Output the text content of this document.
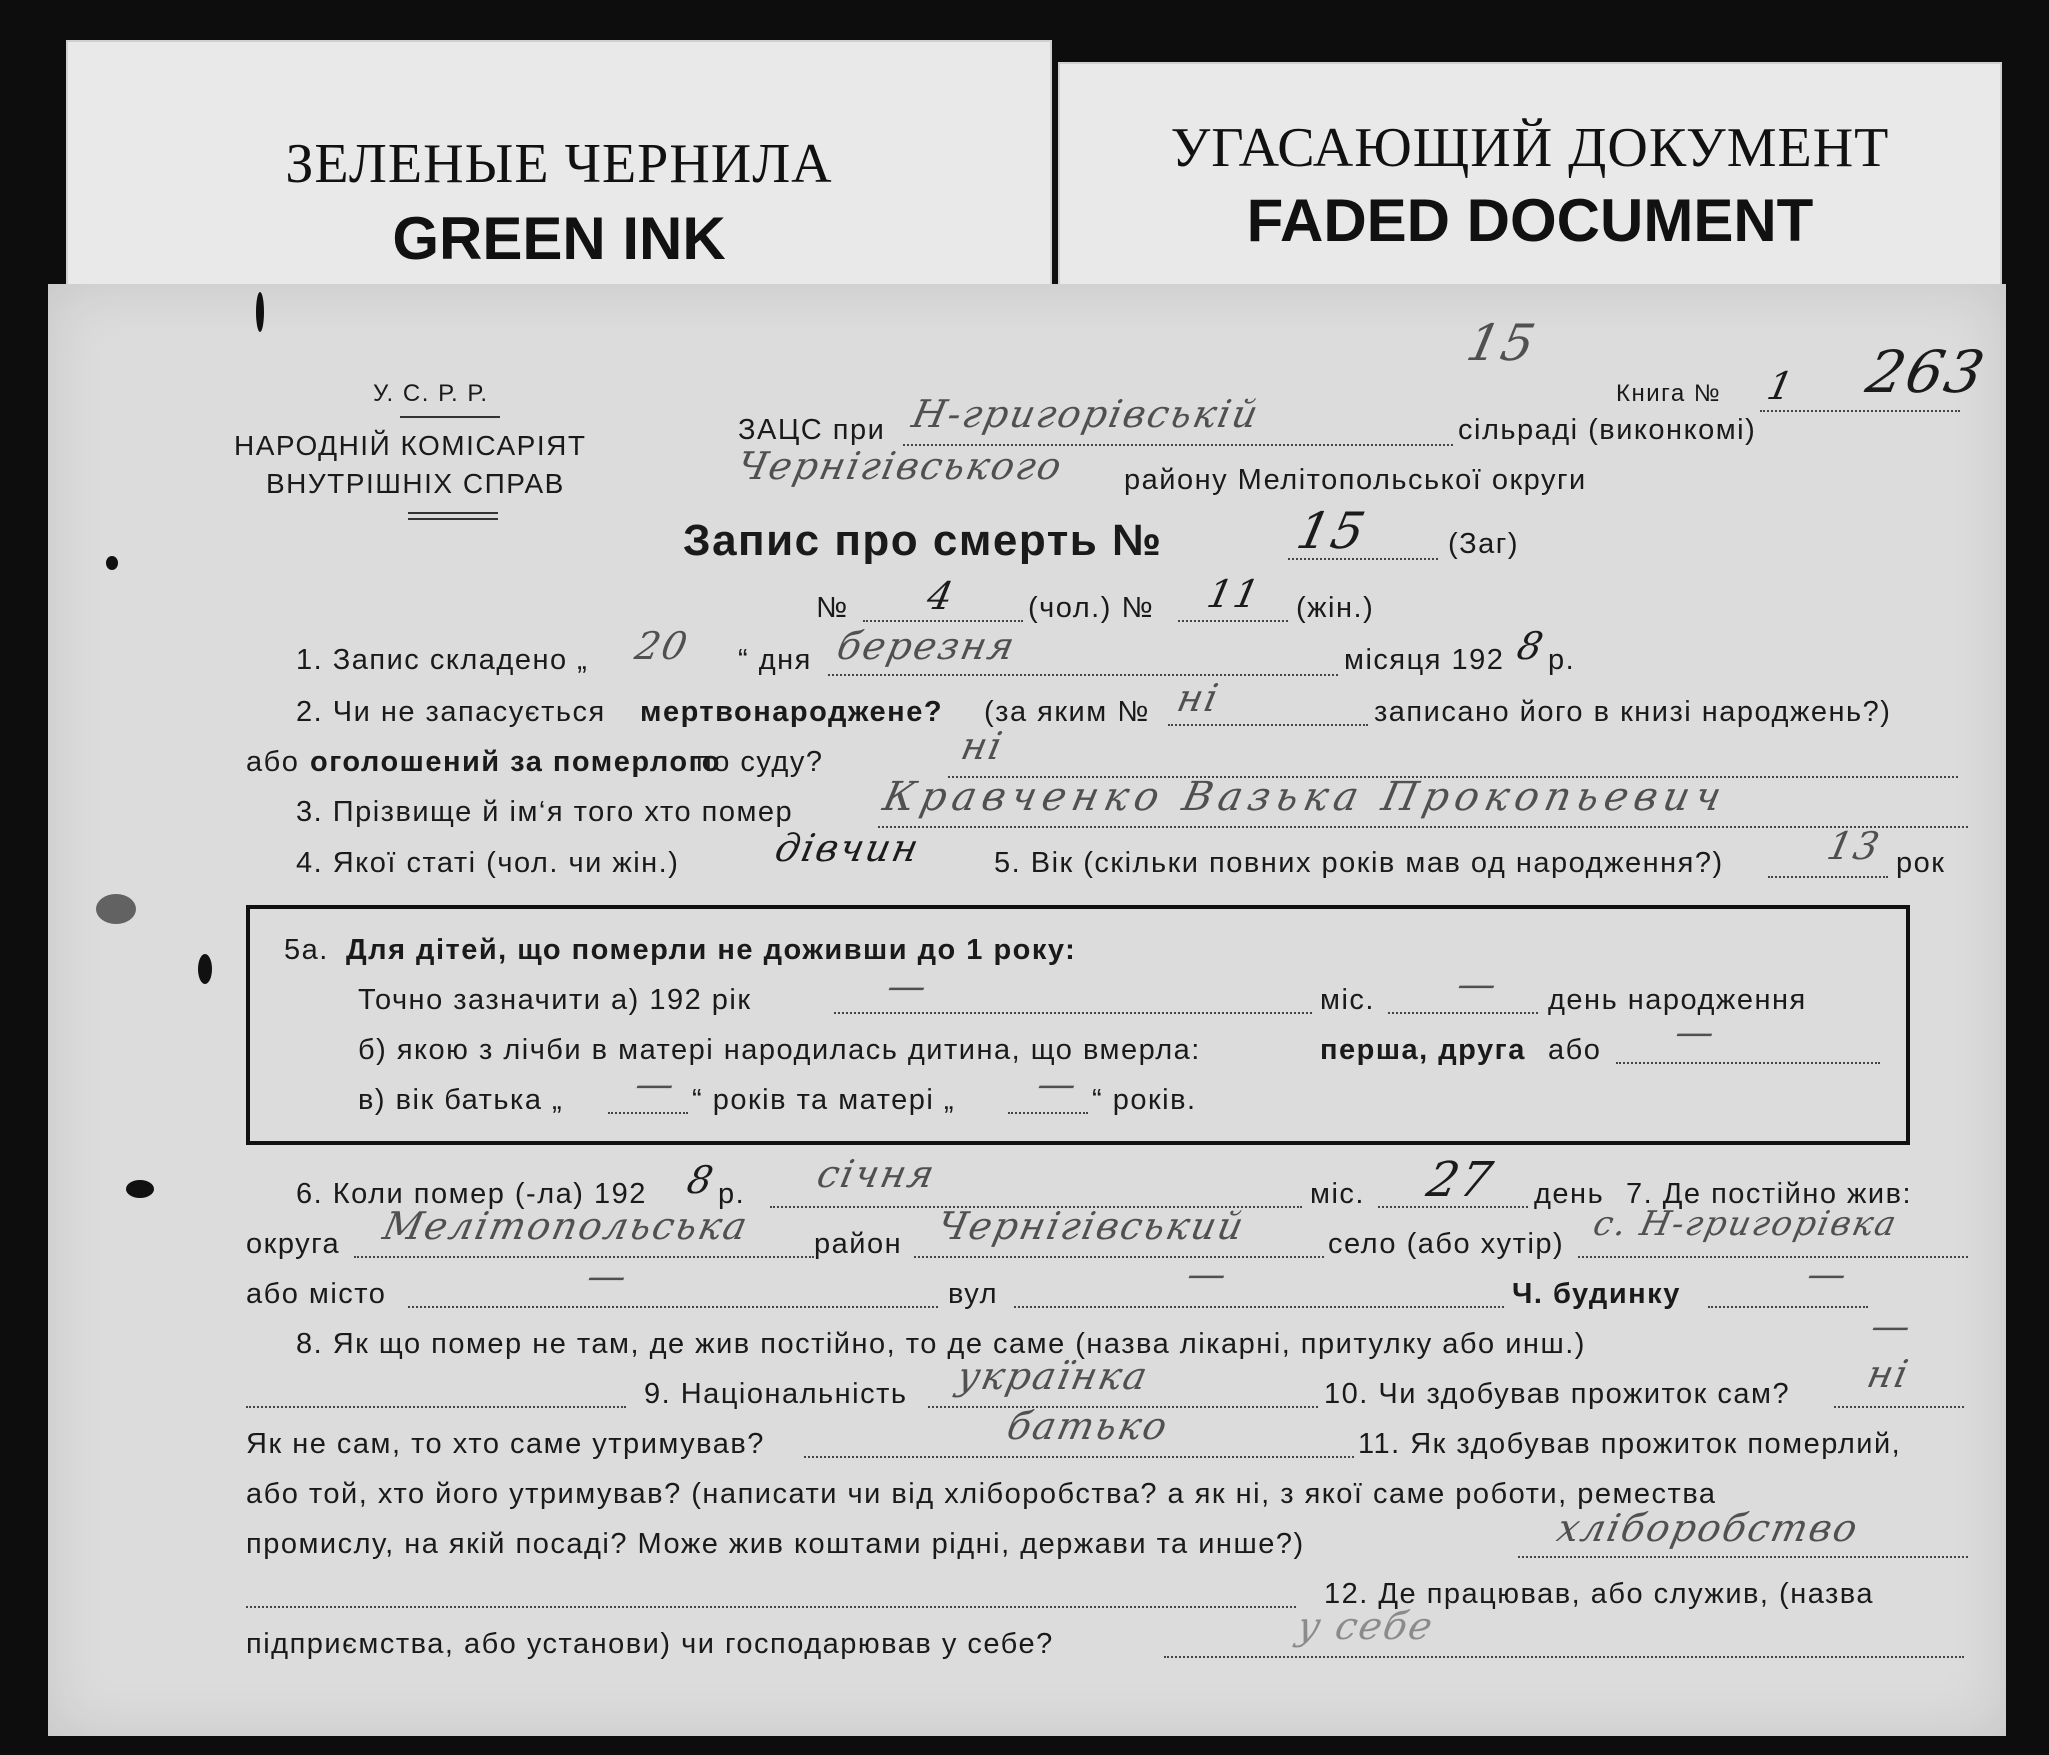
ЗЕЛЕНЫЕ ЧЕРНИЛА
GREEN INK
УГАСАЮЩИЙ ДОКУМЕНТ
FADED DOCUMENT
У. С. Р. Р.
НАРОДНІЙ КОМІСАРІЯТ
ВНУТРІШНІХ СПРАВ
15
Книга № 1 263
ЗАЦС при Н-григорівській	сільраді (виконкомі)
Чернігівського району Мелітопольської округи
Запис про смерть №	15	(Заг)
№ 4 (чол.) № 11 (жін.)
1. Запис складено „ 20 “ дня березня	місяця 192 8 р.
2. Чи не запасується мертвонароджене? (за яким № ні	записано його в книзі народжень?)
або оголошений за померлого
по суду?	ні
3. Прізвище й ім‘я того хто помер Кравченко Вазька Прокопьевич
4. Якої статі (чол. чи жін.) дівчин 5. Вік (скільки повних років мав од народження?)	13 рок
5а. Для дітей, що померли не доживши до 1 року:
Точно зазначити а) 192 рік	—	міс. — день народження
б) якою з лічби в матері народилась дитина, що вмерла:	перша, друга або —
в) вік батька „ — “ років та матері „ — “ років.
6. Коли помер (-ла) 192 8 р. січня	міс. 27 день 7. Де постійно жив:
округа Мелітопольська район Чернігівський	село (або хутір) с. Н-григорівка
або місто	—	вул	—	Ч. будинку	—
8. Як що помер не там, де жив постійно, то де саме (назва лікарні, притулку або инш.)	—
9. Національність українка	10. Чи здобував прожиток сам? ні
Як не сам, то хто саме утримував?	батько	11. Як здобував прожиток померлий,
або той, хто його утримував? (написати чи від хліборобства? а як ні, з якої саме роботи, ремества
промислу, на якій посаді? Може жив коштами рідні, держави та инше?)	хліборобство
12. Де працював, або служив, (назва
підприємства, або установи) чи господарював у себе?	у себе
